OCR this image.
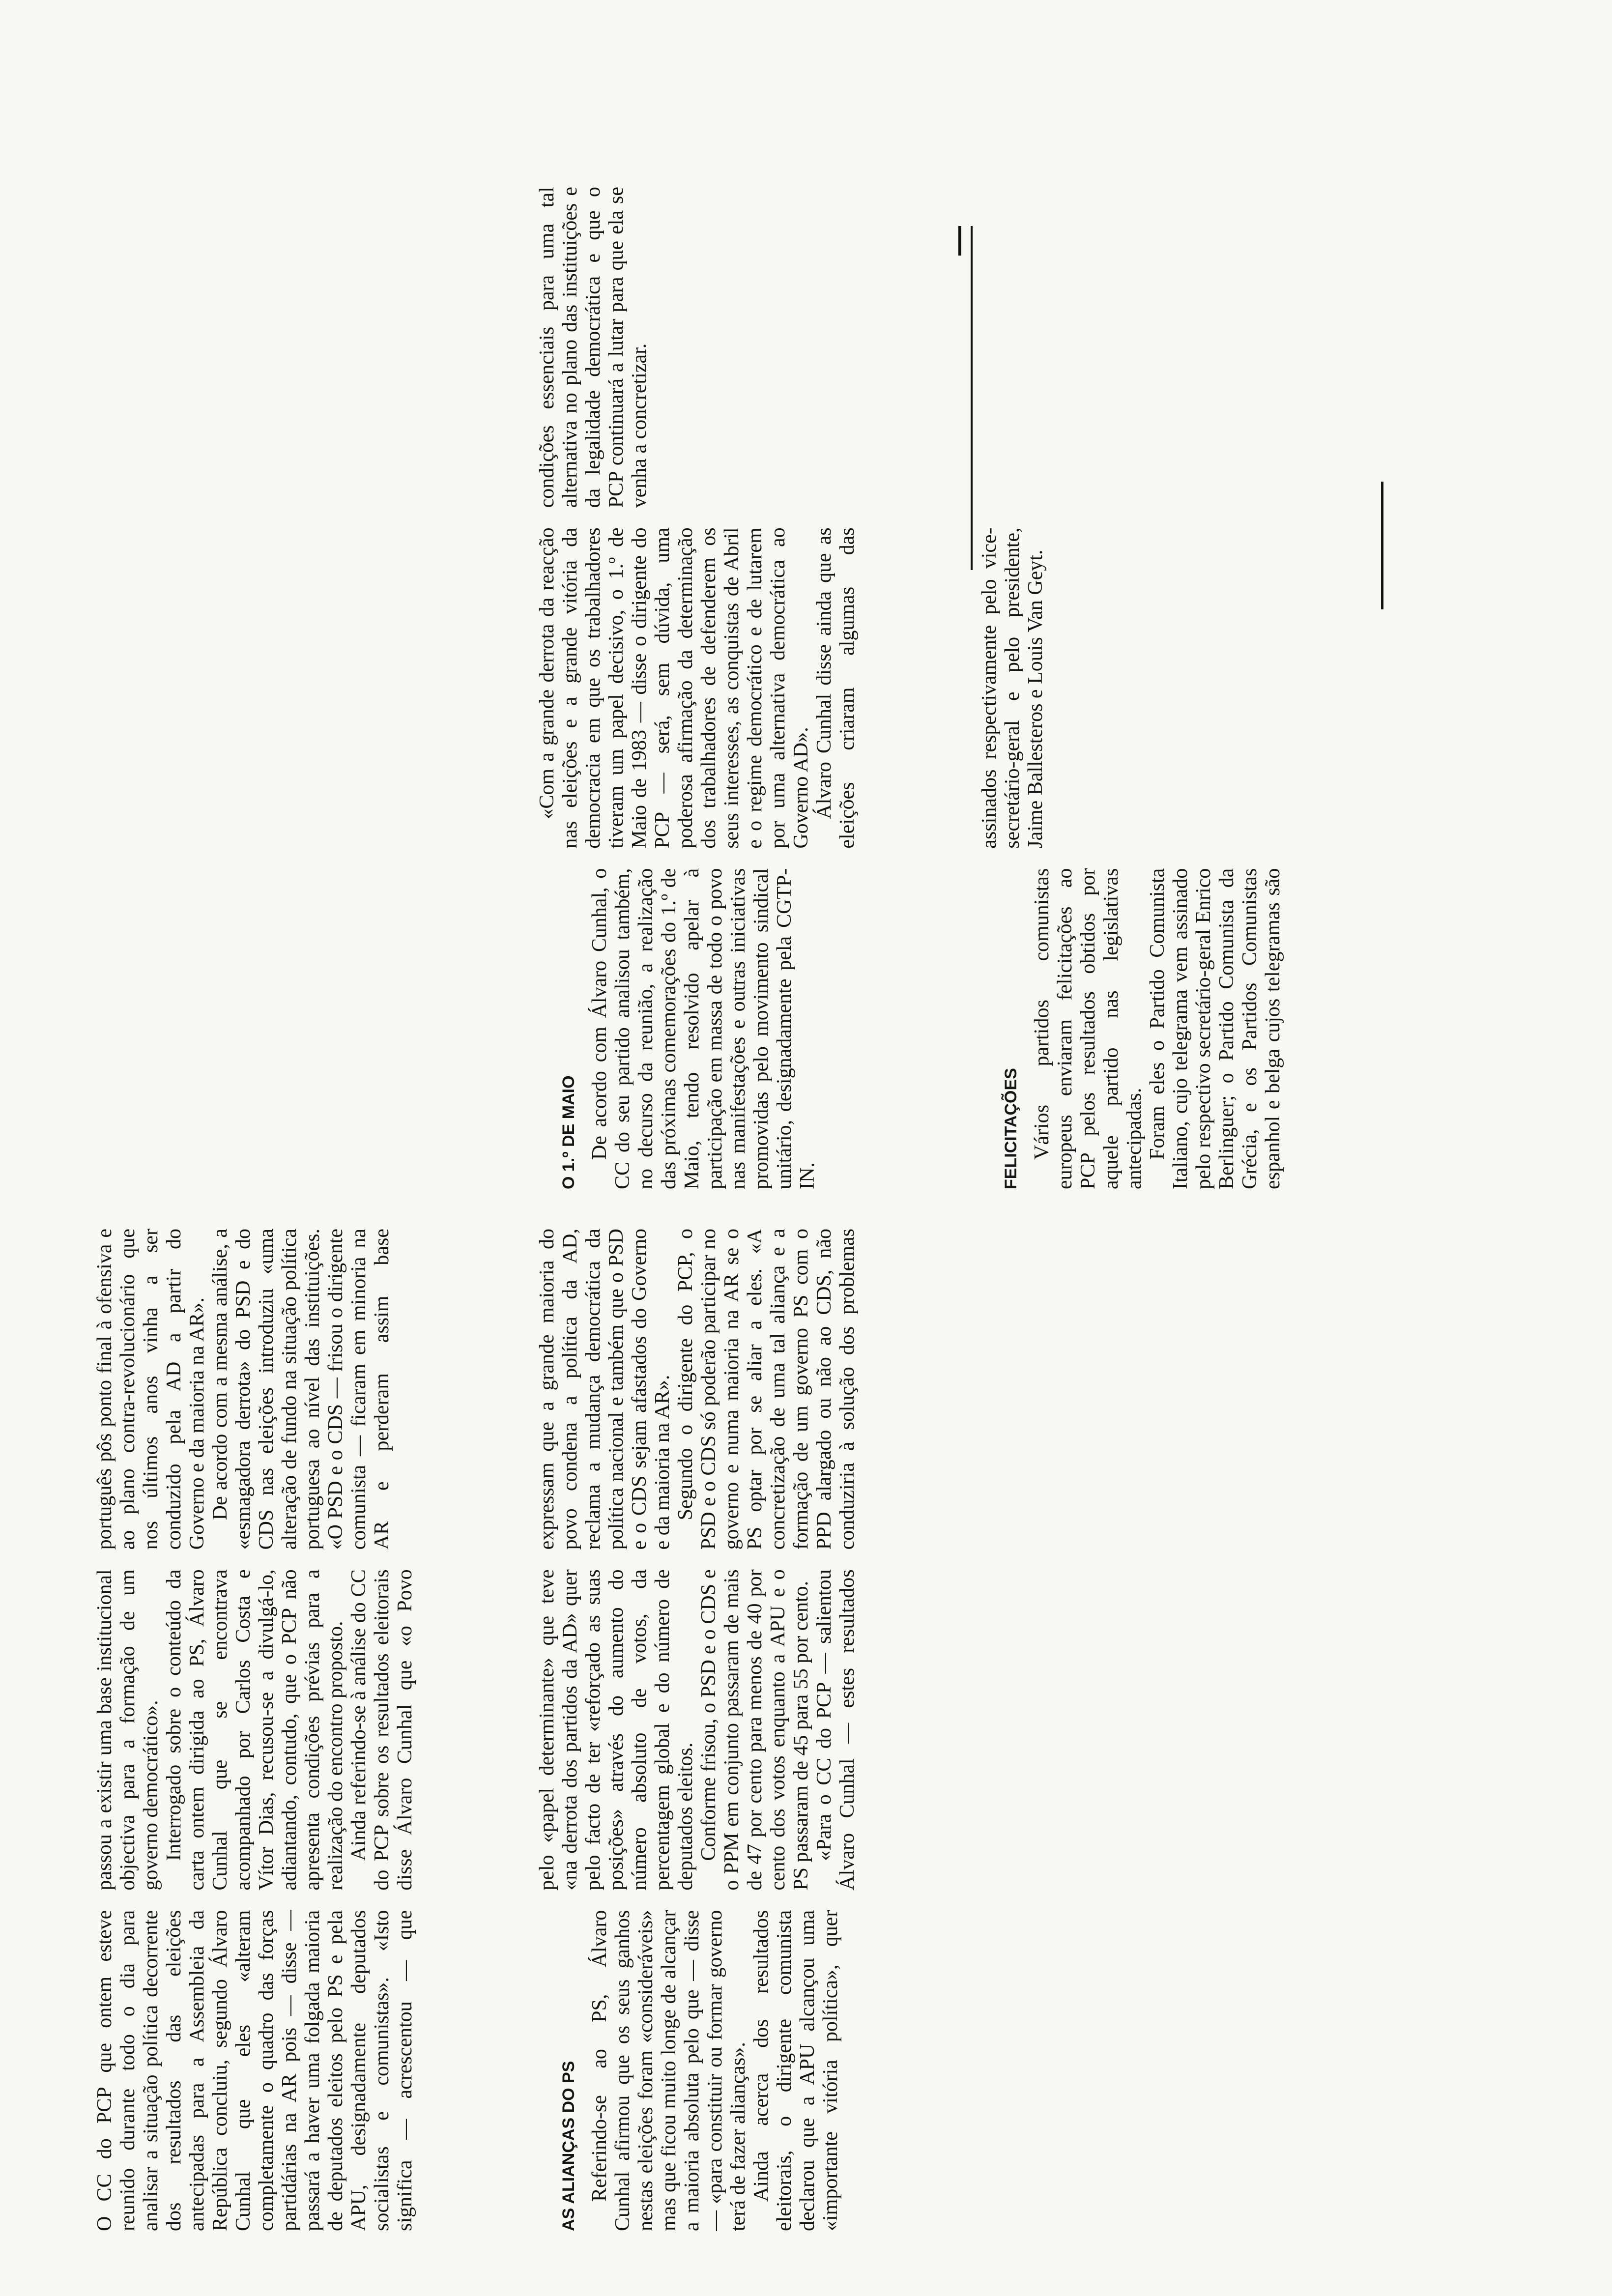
O CC do PCP que ontem esteve reunido durante todo o dia para analisar a situação política decorrente dos resultados das eleições antecipadas para a Assembleia da República concluiu, segundo Álvaro Cunhal que eles «alteram completamente o quadro das forças partidárias na AR pois — disse — passará a haver uma folgada maioria de deputados eleitos pelo PS e pela APU, designadamente deputados socialistas e comunistas». «Isto significa — acrescentou — que passou a existir uma base institucional objectiva para a formação de um governo democrático». Interrogado sobre o conteúdo da carta ontem dirigida ao PS, Álvaro Cunhal que se encontrava acompanhado por Carlos Costa e Vítor Dias, recusou-se a divulgá-lo, adiantando, contudo, que o PCP não apresenta condições prévias para a realização do encontro proposto. Ainda referindo-se à análise do CC do PCP sobre os resultados eleitorais disse Álvaro Cunhal que «o Povo português pôs ponto final à ofensiva e ao plano contra-revolucionário que nos últimos anos vinha a ser conduzido pela AD a partir do Governo e da maioria na AR». De acordo com a mesma análise, a «esmagadora derrota» do PSD e do CDS nas eleições introduziu «uma alteração de fundo na situação política portuguesa ao nível das instituições. «O PSD e o CDS — frisou o dirigente comunista — ficaram em minoria na AR e perderam assim base

AS ALIANÇAS DO PS Referindo-se ao PS, Álvaro Cunhal afirmou que os seus ganhos nestas eleições foram «consideráveis» mas que ficou muito longe de alcançar a maioria absoluta pelo que — disse — «para constituir ou formar governo terá de fazer alianças». Ainda acerca dos resultados eleitorais, o dirigente comunista declarou que a APU alcançou uma «importante vitória política», quer pelo «papel determinante» que teve «na derrota dos partidos da AD» quer pelo facto de ter «reforçado as suas posições» através do aumento do número absoluto de votos, da percentagem global e do número de deputados eleitos. Conforme frisou, o PSD e o CDS e o PPM em conjunto passaram de mais de 47 por cento para menos de 40 por cento dos votos enquanto a APU e o PS passaram de 45 para 55 por cento. «Para o CC do PCP — salientou Álvaro Cunhal — estes resultados expressam que a grande maioria do povo condena a política da AD, reclama a mudança democrática da política nacional e também que o PSD e o CDS sejam afastados do Governo e da maioria na AR». Segundo o dirigente do PCP, o PSD e o CDS só poderão participar no governo e numa maioria na AR se o PS optar por se aliar a eles. «A concretização de uma tal aliança e a formação de um governo PS com o PPD alargado ou não ao CDS, não conduziria à solução dos problemas

O 1.º DE MAIO De acordo com Álvaro Cunhal, o CC do seu partido analisou também, no decurso da reunião, a realização das próximas comemorações do 1.º de Maio, tendo resolvido apelar à participação em massa de todo o povo nas manifestações e outras iniciativas promovidas pelo movimento sindical unitário, designadamente pela CGTP-IN.

«Com a grande derrota da reacção nas eleições e a grande vitória da democracia em que os trabalhadores tiveram um papel decisivo, o 1.º de Maio de 1983 — disse o dirigente do PCP — será, sem dúvida, uma poderosa afirmação da determinação dos trabalhadores de defenderem os seus interesses, as conquistas de Abril e o regime democrático e de lutarem por uma alternativa democrática ao Governo AD». Álvaro Cunhal disse ainda que as eleições criaram algumas das condições essenciais para uma tal alternativa no plano das instituições e da legalidade democrática e que o PCP continuará a lutar para que ela se venha a concretizar.

FELICITAÇÕES Vários partidos comunistas europeus enviaram felicitações ao PCP pelos resultados obtidos por aquele partido nas legislativas antecipadas. Foram eles o Partido Comunista Italiano, cujo telegrama vem assinado pelo respectivo secretário-geral Enrico Berlinguer; o Partido Comunista da Grécia, e os Partidos Comunistas espanhol e belga cujos telegramas são assinados respectivamente pelo vice-secretário-geral e pelo presidente, Jaime Ballesteros e Louis Van Geyt.
